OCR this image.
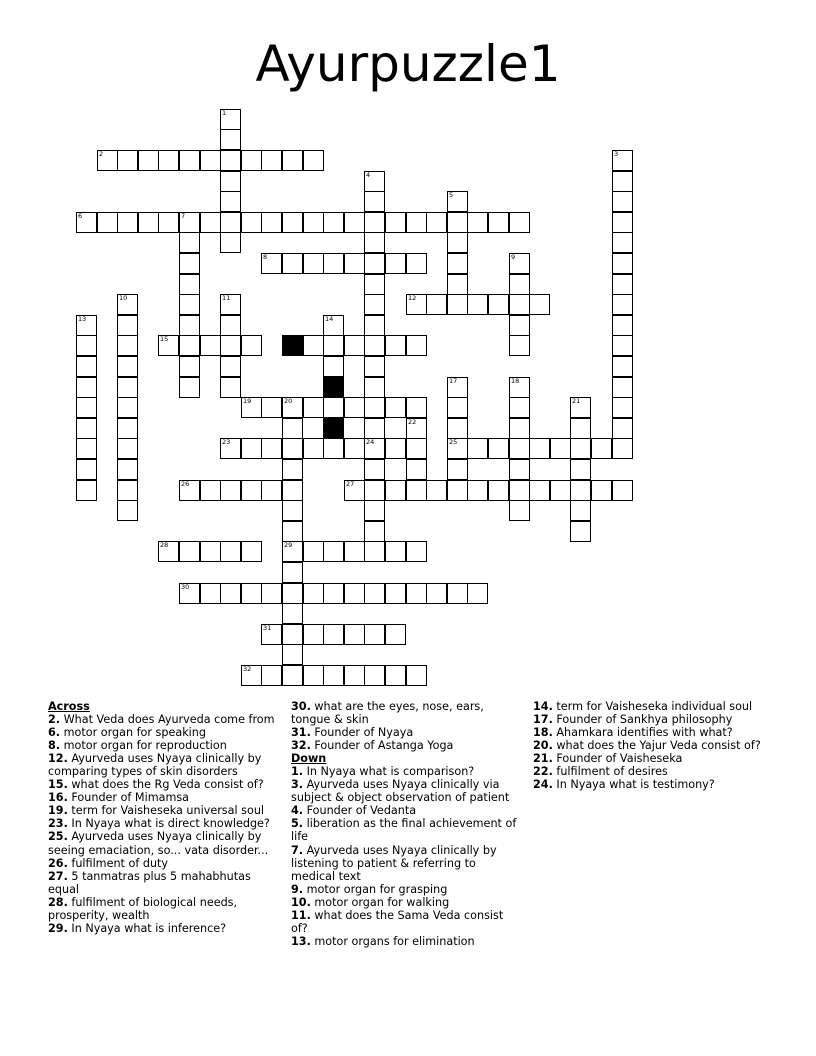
Ayurpuzzle1
1
2	3
4
24
5
6	7
8	9
10	11	12
13	14
15	16
17
25
18
19	20
29
21
22
23
26	27
28
30
31
32
Across
2. What Veda does Ayurveda come from
6. motor organ for speaking
8. motor organ for reproduction
12. Ayurveda uses Nyaya clinically by comparing types of skin disorders
15. what does the Rg Veda consist of?
16. Founder of Mimamsa
19. term for Vaisheseka universal soul
23. In Nyaya what is direct knowledge?
25. Ayurveda uses Nyaya clinically by seeing emaciation, so... vata disorder...
26. fulfilment of duty
27. 5 tanmatras plus 5 mahabhutas equal
28. fulfilment of biological needs, prosperity, wealth
29. In Nyaya what is inference?
30. what are the eyes, nose, ears, tongue & skin
31. Founder of Nyaya
32. Founder of Astanga Yoga
Down
1. In Nyaya what is comparison?
3. Ayurveda uses Nyaya clinically via subject & object observation of patient
4. Founder of Vedanta
5. liberation as the final achievement of life
7. Ayurveda uses Nyaya clinically by listening to patient & referring to medical text
9. motor organ for grasping
10. motor organ for walking
11. what does the Sama Veda consist of?
13. motor organs for elimination
14. term for Vaisheseka individual soul
17. Founder of Sankhya philosophy
18. Ahamkara identifies with what?
20. what does the Yajur Veda consist of?
21. Founder of Vaisheseka
22. fulfilment of desires
24. In Nyaya what is testimony?
